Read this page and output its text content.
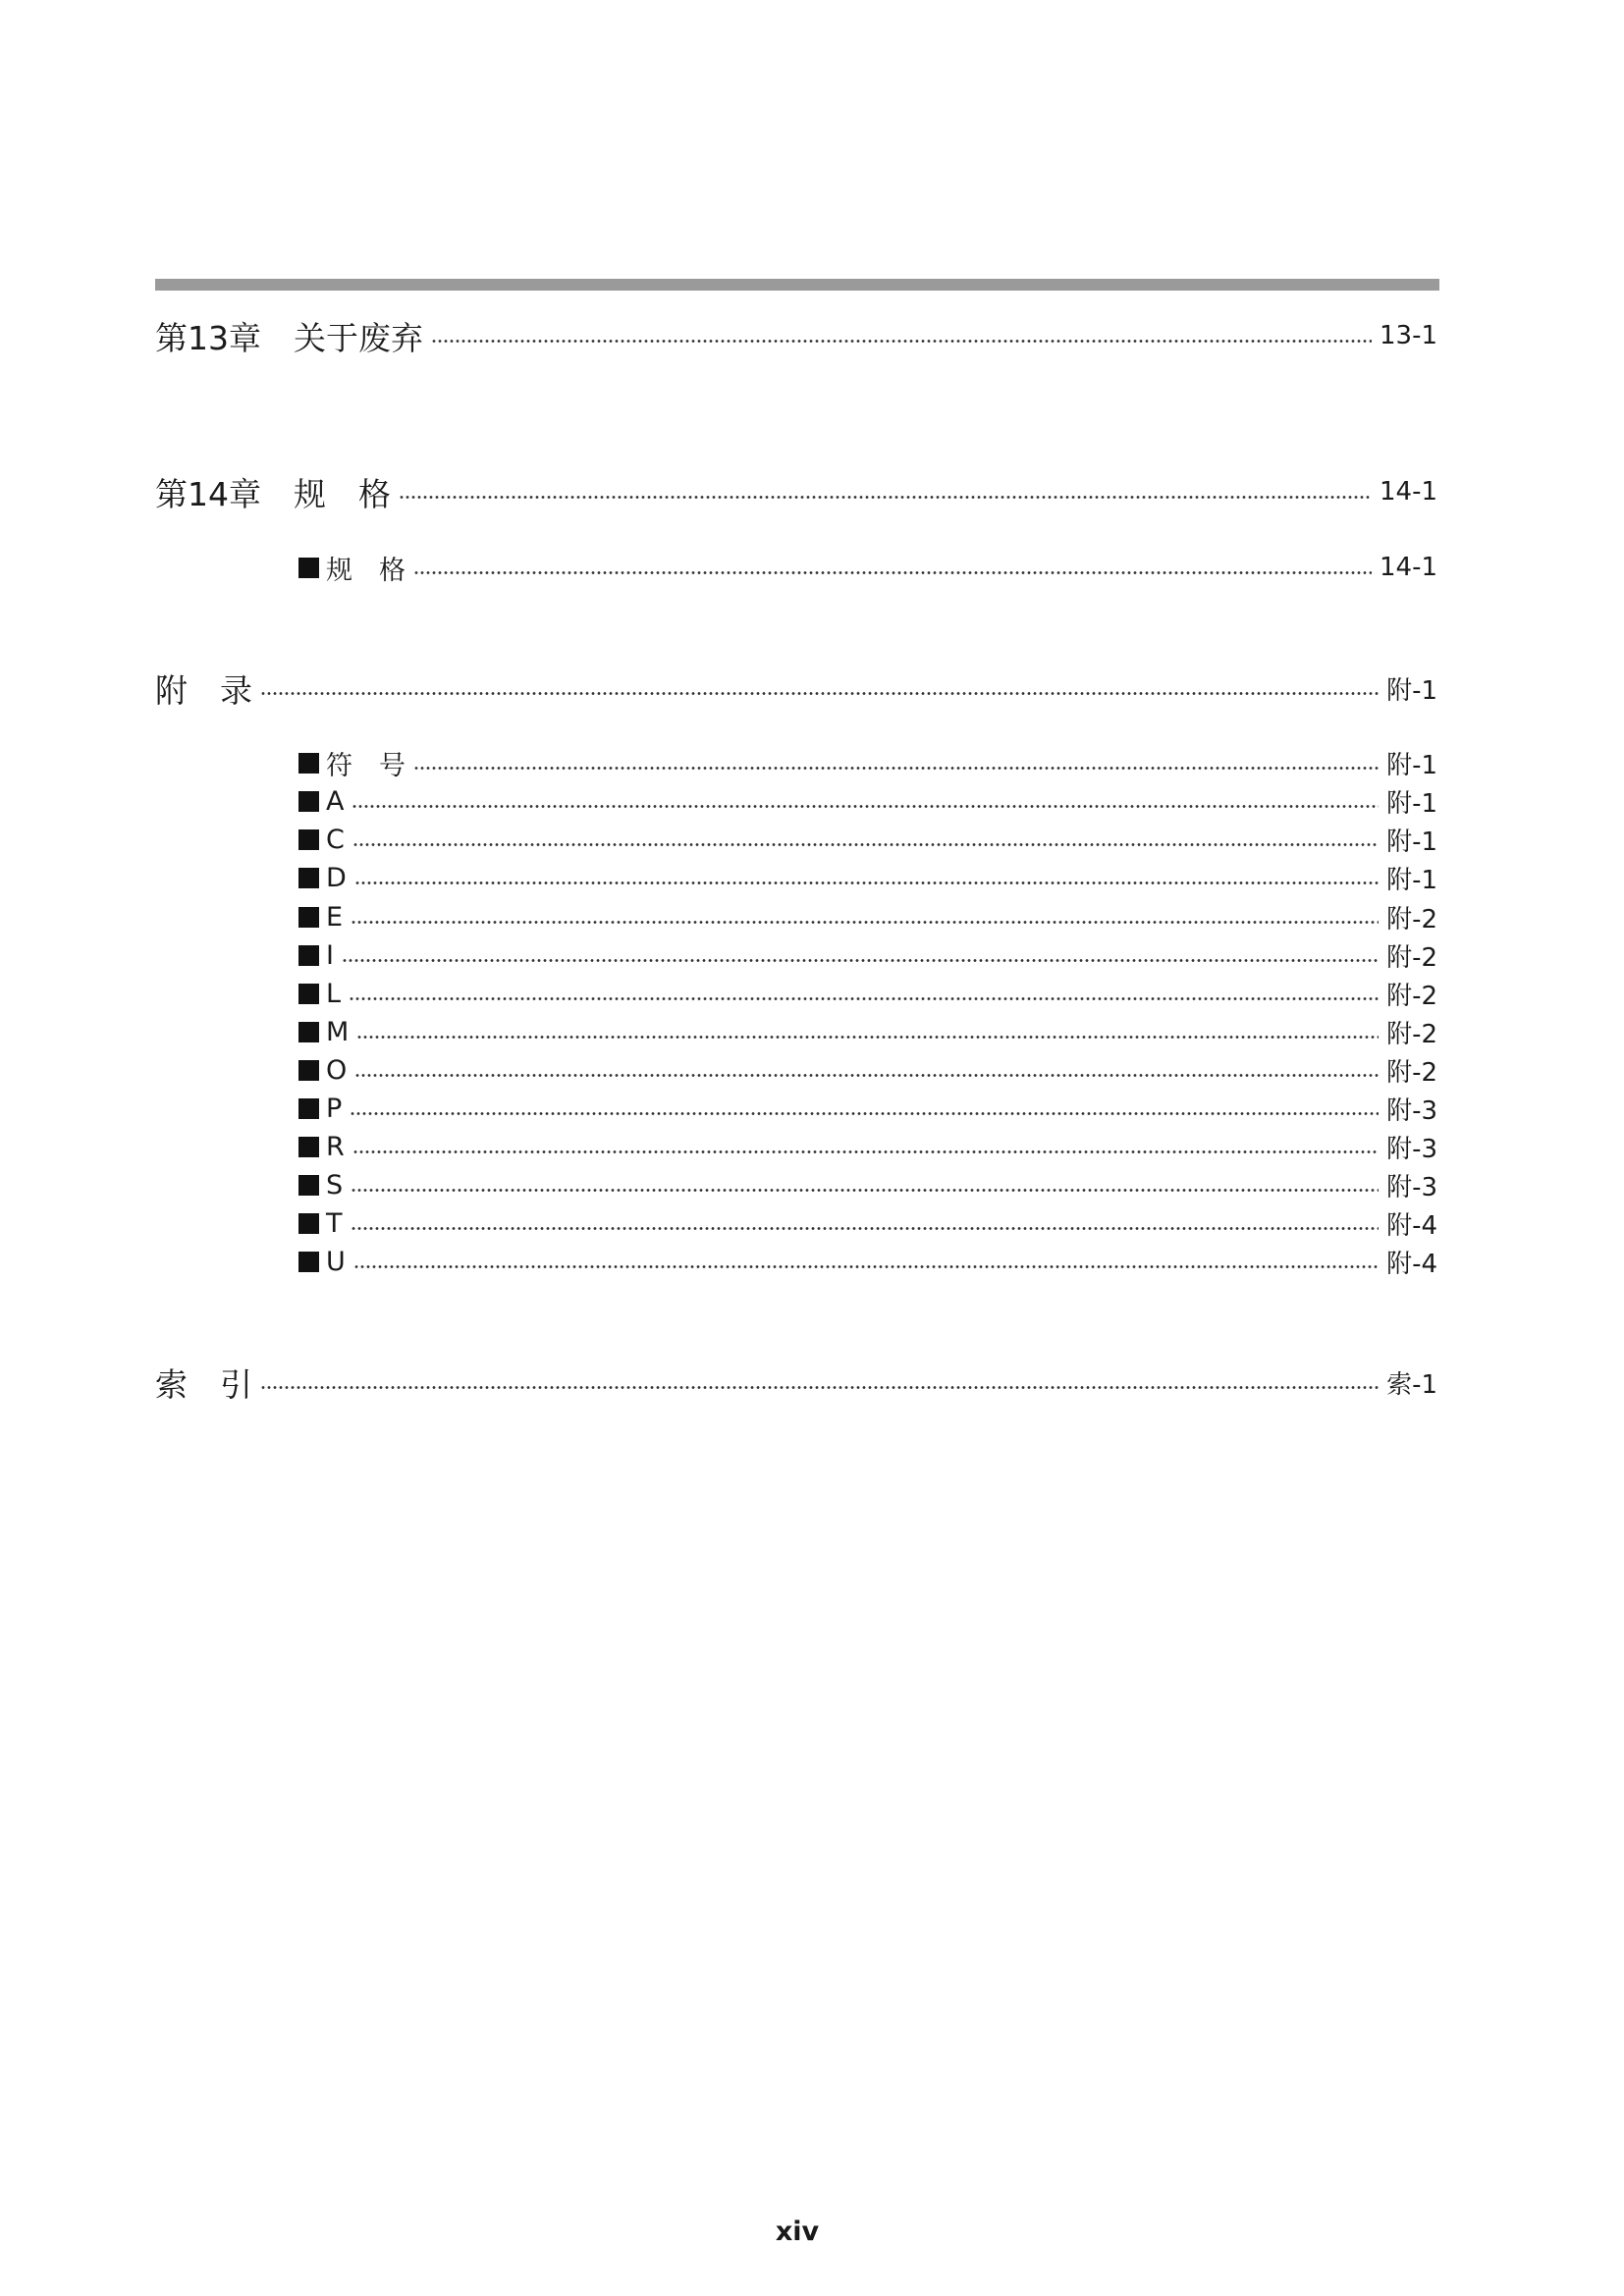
第13章　关于废弃	13-1
第14章　规　格	14-1
规　格	14-1
附　录	附-1
符　号	附-1
A	附-1
C	附-1
D	附-1
E	附-2
I	附-2
L	附-2
M	附-2
O	附-2
P	附-3
R	附-3
S	附-3
T	附-4
U	附-4
索　引	索-1
xiv
